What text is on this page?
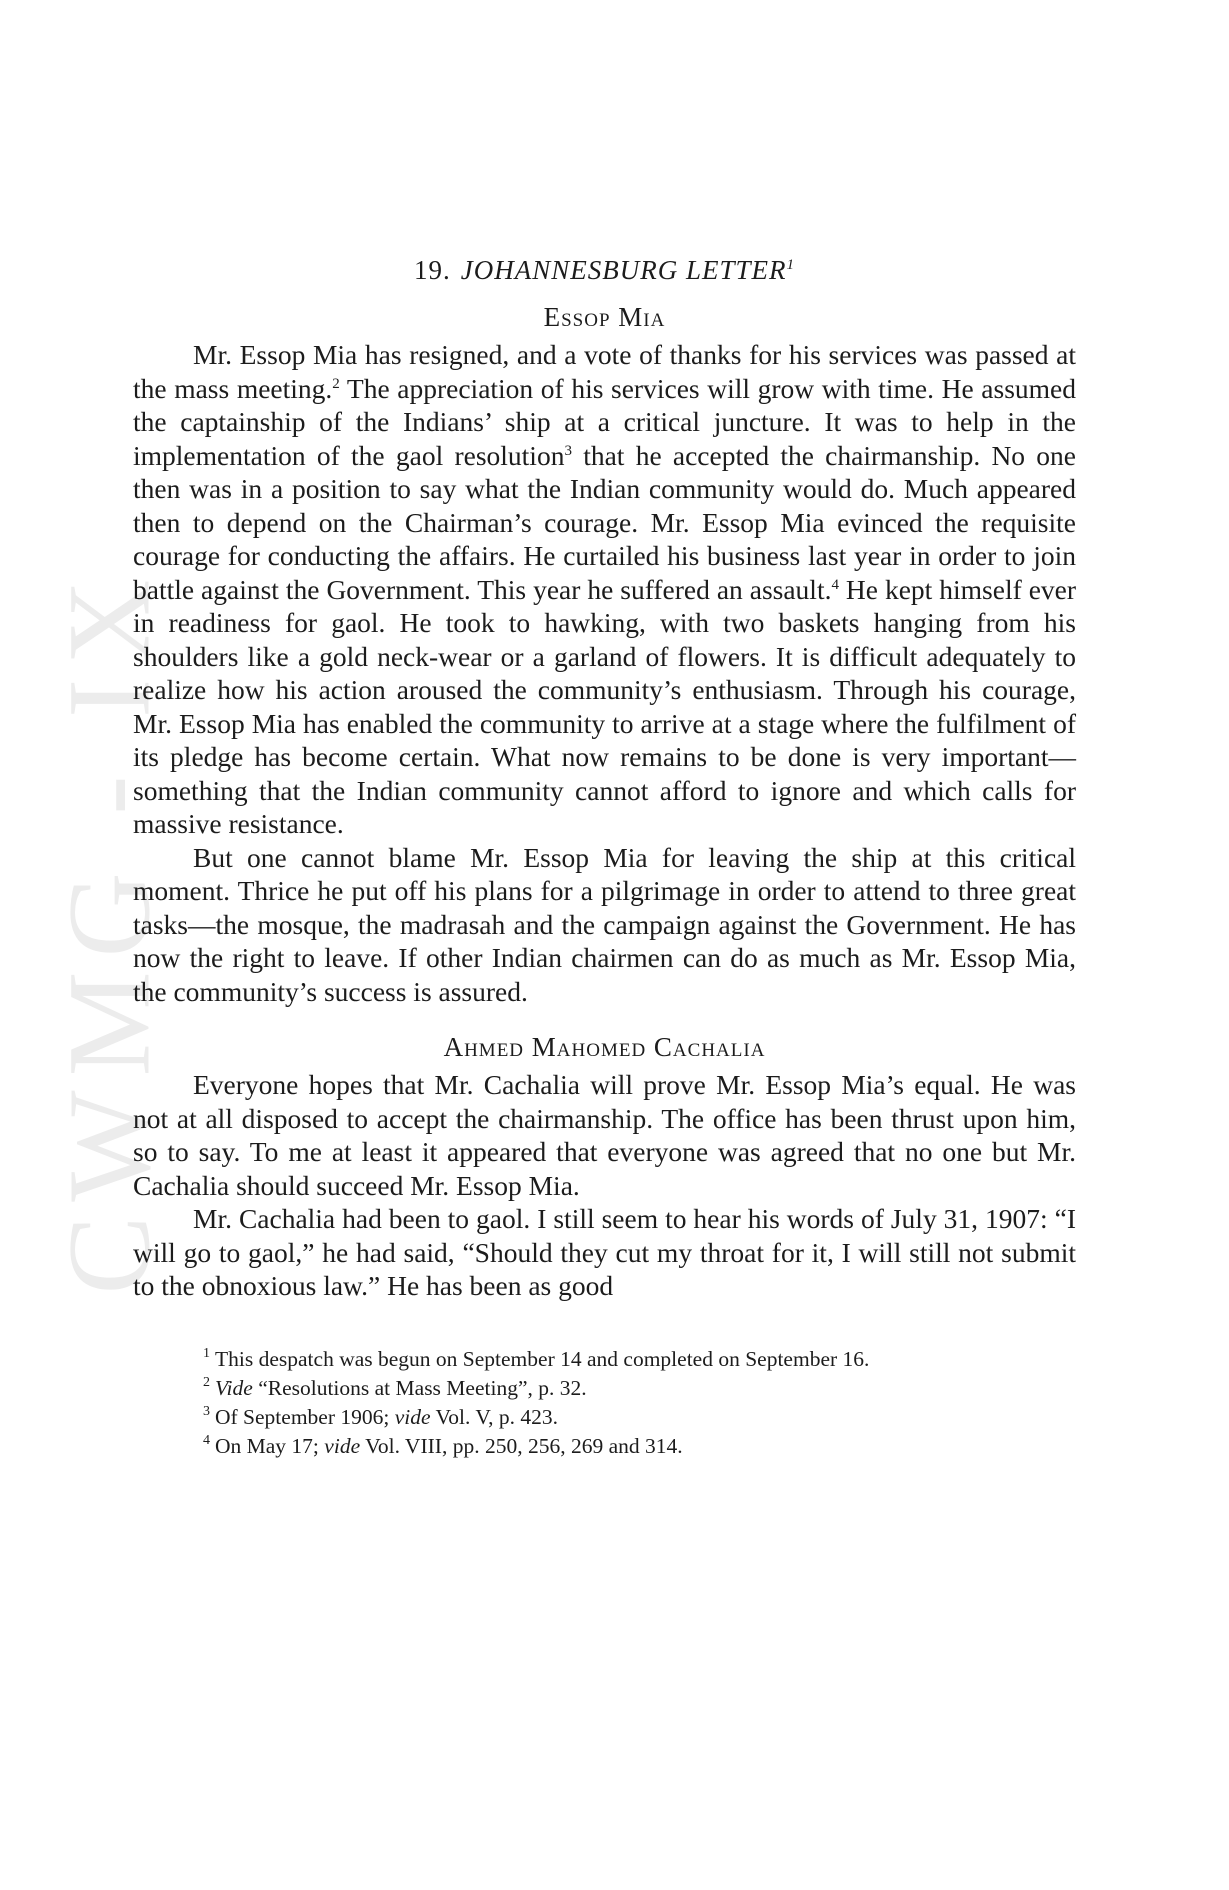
CWMG - IX
19. JOHANNESBURG LETTER$^1$
Essop Mia

Mr. Essop Mia has resigned, and a vote of thanks for his services was passed at the mass meeting.$^2$ The appreciation of his services will grow with time. He assumed the captainship of the Indians’ ship at a critical juncture. It was to help in the implementation of the gaol resolution$^3$ that he accepted the chairmanship. No one then was in a position to say what the Indian community would do. Much appeared then to depend on the Chairman’s courage. Mr. Essop Mia evinced the requisite courage for conducting the affairs. He curtailed his business last year in order to join battle against the Government. This year he suffered an assault.$^4$ He kept himself ever in readiness for gaol. He took to hawking, with two baskets hanging from his shoulders like a gold neck-wear or a garland of flowers. It is difficult adequately to realize how his action aroused the community’s enthusiasm. Through his courage, Mr. Essop Mia has enabled the community to arrive at a stage where the fulfilment of its pledge has become certain. What now remains to be done is very important—something that the Indian community cannot afford to ignore and which calls for massive resistance.

But one cannot blame Mr. Essop Mia for leaving the ship at this critical moment. Thrice he put off his plans for a pilgrimage in order to attend to three great tasks—the mosque, the madrasah and the campaign against the Government. He has now the right to leave. If other Indian chairmen can do as much as Mr. Essop Mia, the community’s success is assured.

Ahmed Mahomed Cachalia

Everyone hopes that Mr. Cachalia will prove Mr. Essop Mia’s equal. He was not at all disposed to accept the chairmanship. The office has been thrust upon him, so to say. To me at least it appeared that everyone was agreed that no one but Mr. Cachalia should succeed Mr. Essop Mia.

Mr. Cachalia had been to gaol. I still seem to hear his words of July 31, 1907: “I will go to gaol,” he had said, “Should they cut my throat for it, I will still not submit to the obnoxious law.” He has been as good

$^1$ This despatch was begun on September 14 and completed on September 16.
$^2$ Vide “Resolutions at Mass Meeting”, p. 32.
$^3$ Of September 1906; vide Vol. V, p. 423.
$^4$ On May 17; vide Vol. VIII, pp. 250, 256, 269 and 314.
